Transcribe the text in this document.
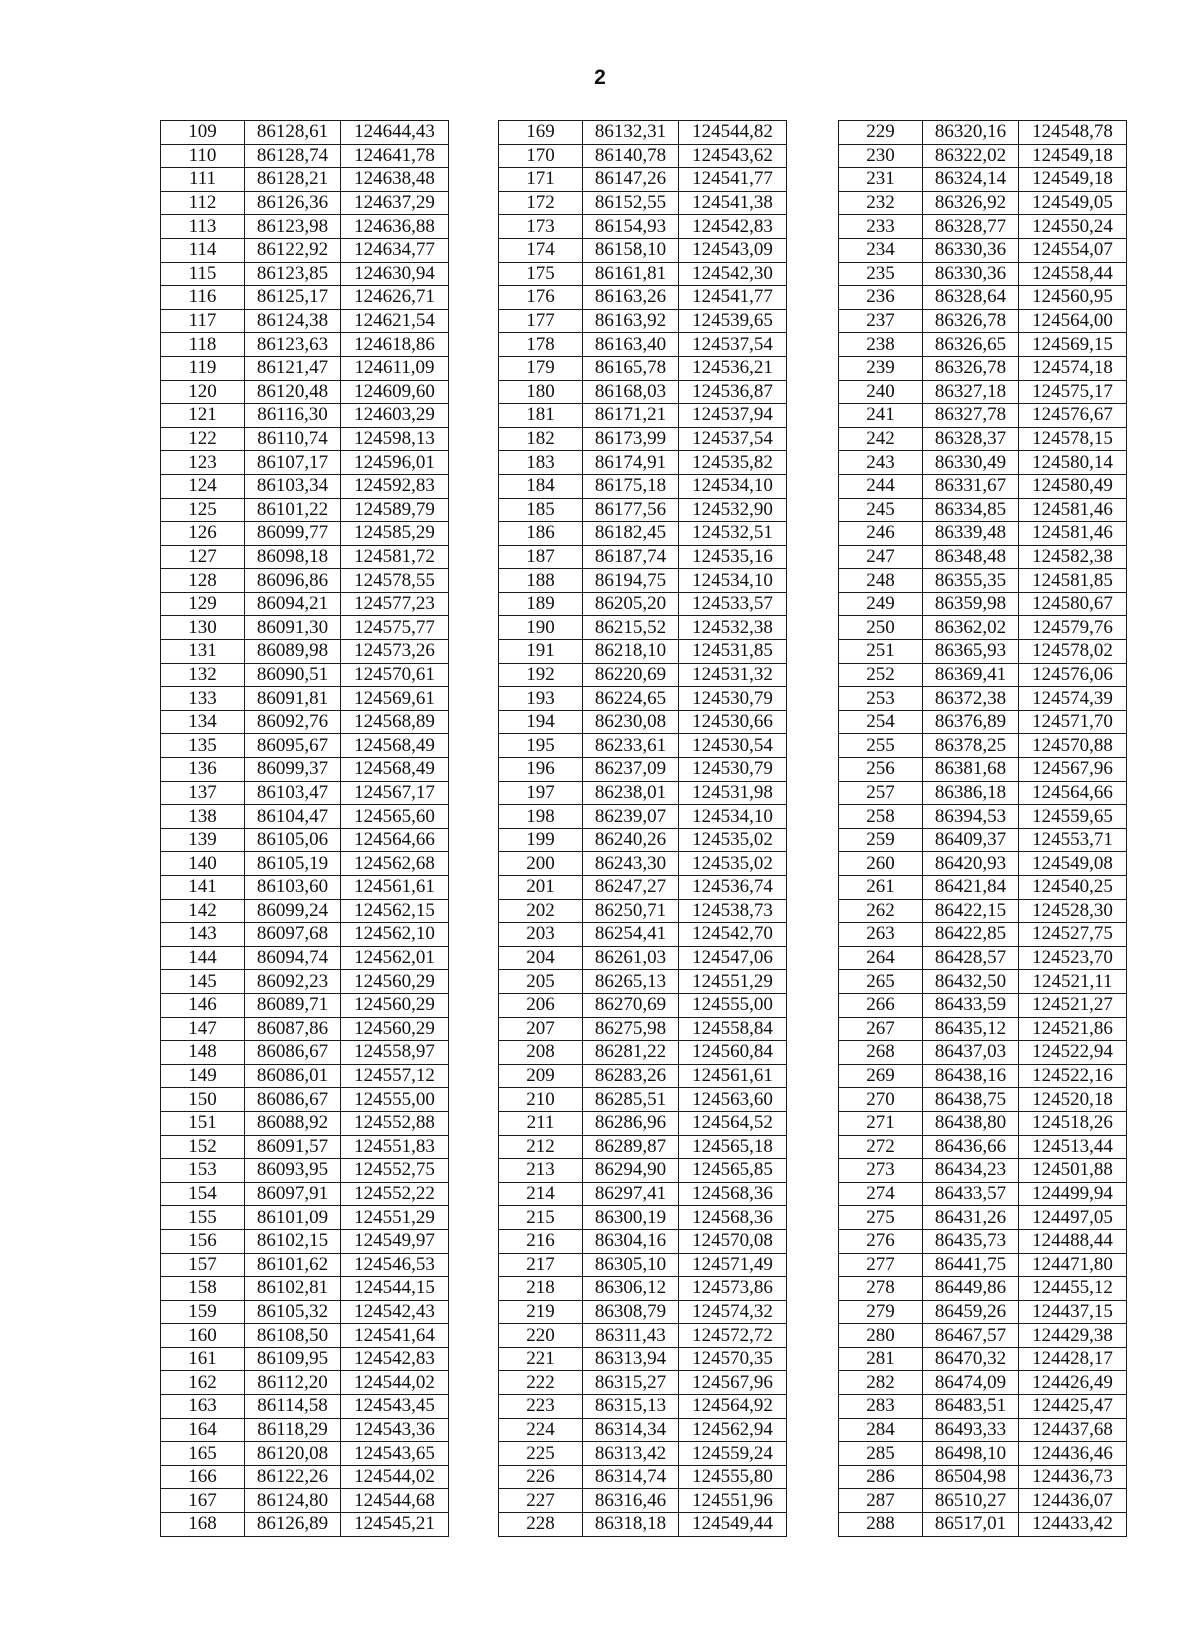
2
109	86128,61	124644,43
110	86128,74	124641,78
111	86128,21	124638,48
112	86126,36	124637,29
113	86123,98	124636,88
114	86122,92	124634,77
115	86123,85	124630,94
116	86125,17	124626,71
117	86124,38	124621,54
118	86123,63	124618,86
119	86121,47	124611,09
120	86120,48	124609,60
121	86116,30	124603,29
122	86110,74	124598,13
123	86107,17	124596,01
124	86103,34	124592,83
125	86101,22	124589,79
126	86099,77	124585,29
127	86098,18	124581,72
128	86096,86	124578,55
129	86094,21	124577,23
130	86091,30	124575,77
131	86089,98	124573,26
132	86090,51	124570,61
133	86091,81	124569,61
134	86092,76	124568,89
135	86095,67	124568,49
136	86099,37	124568,49
137	86103,47	124567,17
138	86104,47	124565,60
139	86105,06	124564,66
140	86105,19	124562,68
141	86103,60	124561,61
142	86099,24	124562,15
143	86097,68	124562,10
144	86094,74	124562,01
145	86092,23	124560,29
146	86089,71	124560,29
147	86087,86	124560,29
148	86086,67	124558,97
149	86086,01	124557,12
150	86086,67	124555,00
151	86088,92	124552,88
152	86091,57	124551,83
153	86093,95	124552,75
154	86097,91	124552,22
155	86101,09	124551,29
156	86102,15	124549,97
157	86101,62	124546,53
158	86102,81	124544,15
159	86105,32	124542,43
160	86108,50	124541,64
161	86109,95	124542,83
162	86112,20	124544,02
163	86114,58	124543,45
164	86118,29	124543,36
165	86120,08	124543,65
166	86122,26	124544,02
167	86124,80	124544,68
168	86126,89	124545,21
169	86132,31	124544,82
170	86140,78	124543,62
171	86147,26	124541,77
172	86152,55	124541,38
173	86154,93	124542,83
174	86158,10	124543,09
175	86161,81	124542,30
176	86163,26	124541,77
177	86163,92	124539,65
178	86163,40	124537,54
179	86165,78	124536,21
180	86168,03	124536,87
181	86171,21	124537,94
182	86173,99	124537,54
183	86174,91	124535,82
184	86175,18	124534,10
185	86177,56	124532,90
186	86182,45	124532,51
187	86187,74	124535,16
188	86194,75	124534,10
189	86205,20	124533,57
190	86215,52	124532,38
191	86218,10	124531,85
192	86220,69	124531,32
193	86224,65	124530,79
194	86230,08	124530,66
195	86233,61	124530,54
196	86237,09	124530,79
197	86238,01	124531,98
198	86239,07	124534,10
199	86240,26	124535,02
200	86243,30	124535,02
201	86247,27	124536,74
202	86250,71	124538,73
203	86254,41	124542,70
204	86261,03	124547,06
205	86265,13	124551,29
206	86270,69	124555,00
207	86275,98	124558,84
208	86281,22	124560,84
209	86283,26	124561,61
210	86285,51	124563,60
211	86286,96	124564,52
212	86289,87	124565,18
213	86294,90	124565,85
214	86297,41	124568,36
215	86300,19	124568,36
216	86304,16	124570,08
217	86305,10	124571,49
218	86306,12	124573,86
219	86308,79	124574,32
220	86311,43	124572,72
221	86313,94	124570,35
222	86315,27	124567,96
223	86315,13	124564,92
224	86314,34	124562,94
225	86313,42	124559,24
226	86314,74	124555,80
227	86316,46	124551,96
228	86318,18	124549,44
229	86320,16	124548,78
230	86322,02	124549,18
231	86324,14	124549,18
232	86326,92	124549,05
233	86328,77	124550,24
234	86330,36	124554,07
235	86330,36	124558,44
236	86328,64	124560,95
237	86326,78	124564,00
238	86326,65	124569,15
239	86326,78	124574,18
240	86327,18	124575,17
241	86327,78	124576,67
242	86328,37	124578,15
243	86330,49	124580,14
244	86331,67	124580,49
245	86334,85	124581,46
246	86339,48	124581,46
247	86348,48	124582,38
248	86355,35	124581,85
249	86359,98	124580,67
250	86362,02	124579,76
251	86365,93	124578,02
252	86369,41	124576,06
253	86372,38	124574,39
254	86376,89	124571,70
255	86378,25	124570,88
256	86381,68	124567,96
257	86386,18	124564,66
258	86394,53	124559,65
259	86409,37	124553,71
260	86420,93	124549,08
261	86421,84	124540,25
262	86422,15	124528,30
263	86422,85	124527,75
264	86428,57	124523,70
265	86432,50	124521,11
266	86433,59	124521,27
267	86435,12	124521,86
268	86437,03	124522,94
269	86438,16	124522,16
270	86438,75	124520,18
271	86438,80	124518,26
272	86436,66	124513,44
273	86434,23	124501,88
274	86433,57	124499,94
275	86431,26	124497,05
276	86435,73	124488,44
277	86441,75	124471,80
278	86449,86	124455,12
279	86459,26	124437,15
280	86467,57	124429,38
281	86470,32	124428,17
282	86474,09	124426,49
283	86483,51	124425,47
284	86493,33	124437,68
285	86498,10	124436,46
286	86504,98	124436,73
287	86510,27	124436,07
288	86517,01	124433,42
